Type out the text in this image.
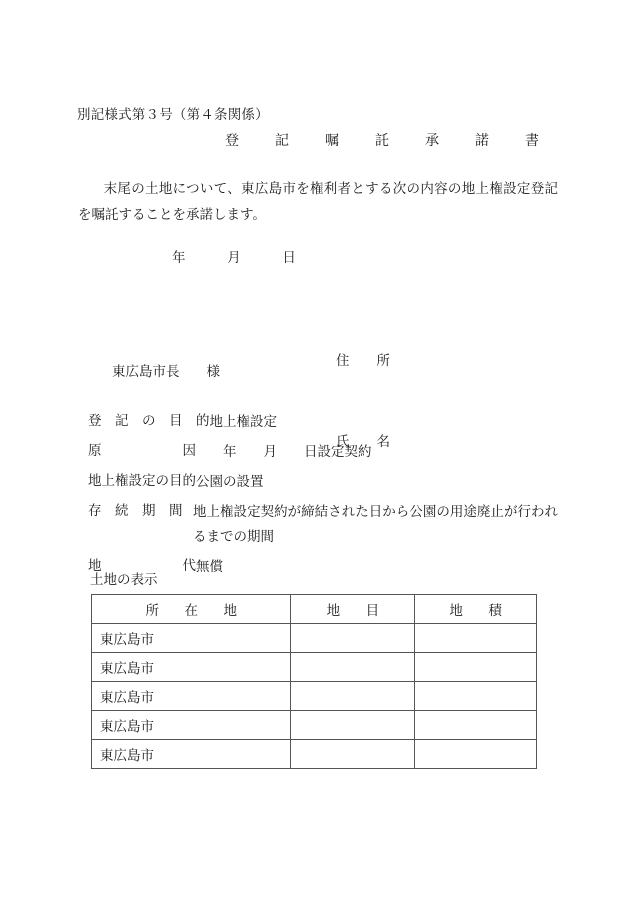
別記様式第３号（第４条関係）
登　記　嘱　託　承　諾　書
末尾の土地について、東広島市を権利者とする次の内容の地上権設定登記を嘱託することを承諾します。
年　　　月　　　日

住　　所

氏　　名

東広島市長　　様
登　記　の　目　的 地上権設定
原　　　　　　因 　　年　　月　　日設定契約
地上権設定の目的 公園の設置
存　続　期　間 地上権設定契約が締結された日から公園の用途廃止が行われるまでの期間
地　　　　　　代 無償
土地の表示
所　在　地	地　目	地　積
東広島市		
東広島市		
東広島市		
東広島市		
東広島市		
